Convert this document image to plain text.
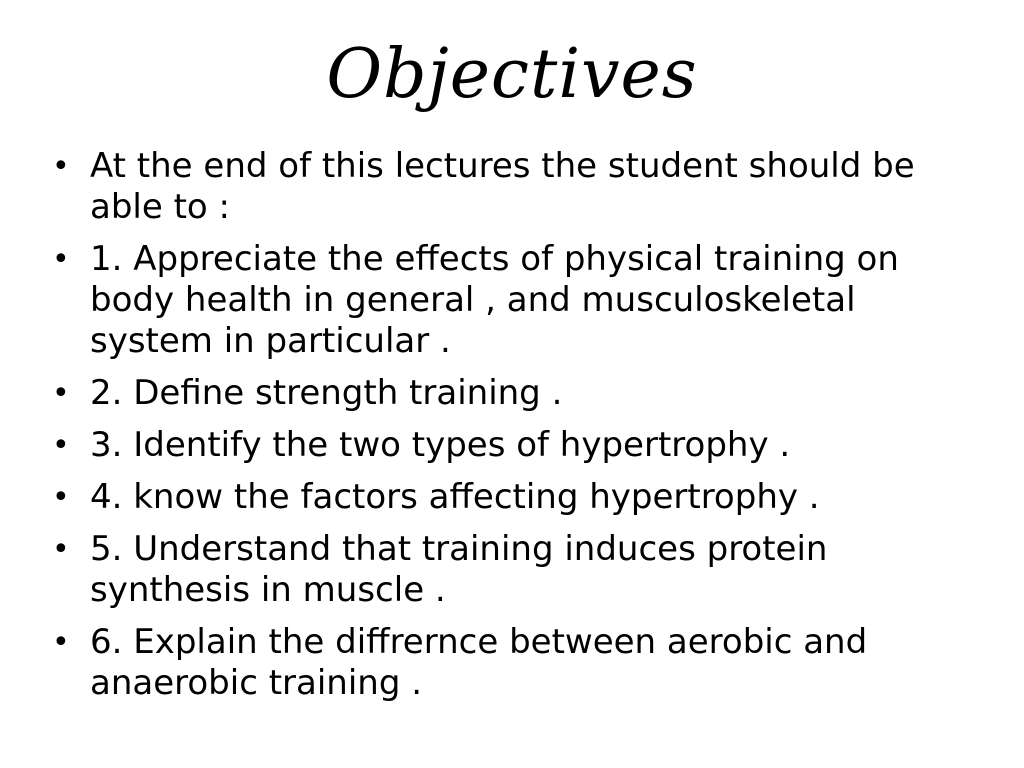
Objectives
• At the end of this lectures the student should be able to :
• 1. Appreciate the effects of physical training on body health in general , and musculoskeletal system in particular .
• 2. Define strength training .
• 3. Identify the two types of hypertrophy .
• 4. know the factors affecting hypertrophy .
• 5. Understand that training induces protein synthesis in muscle .
• 6. Explain the diffrernce between aerobic and anaerobic training .
